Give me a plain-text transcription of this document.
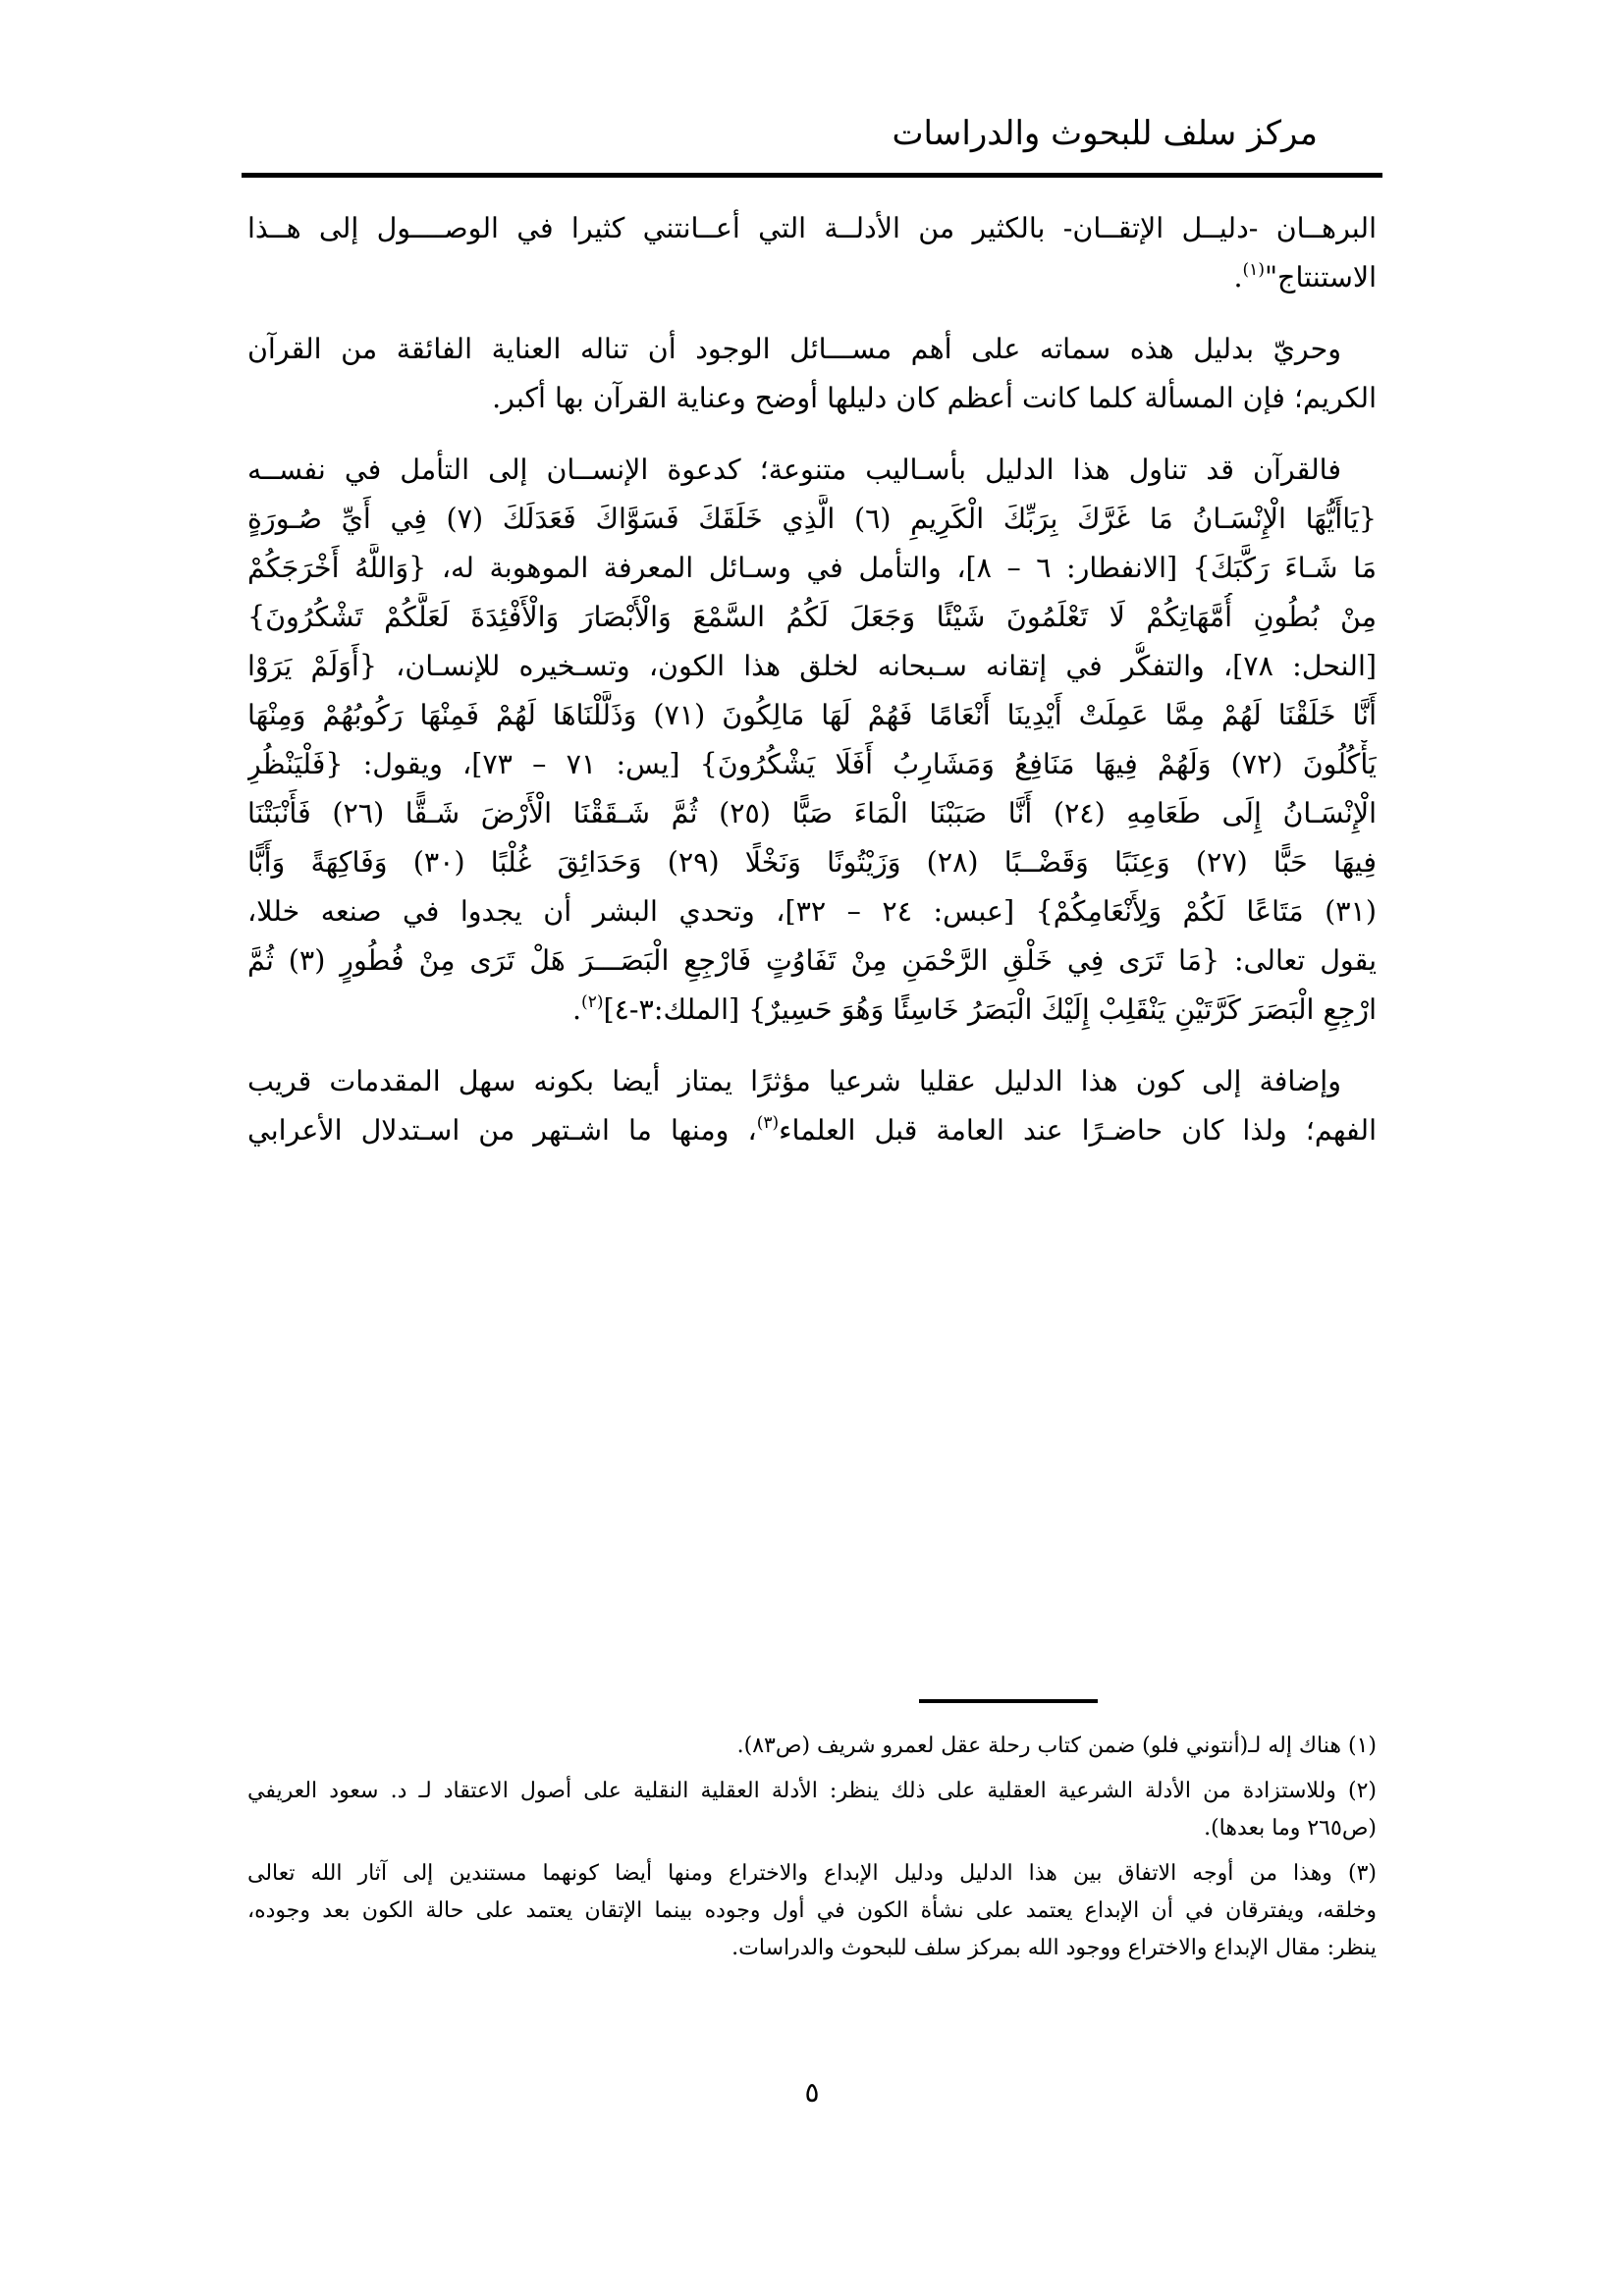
مركز سلف للبحوث والدراسات

البرهــان -دليــل الإتقــان- بالكثير من الأدلــة التي أعــانتني كثيرا في الوصــــول إلى هــذا
الاستنتاج"$^{(١)}$.

وحريّ بدليل هذه سماته على أهم مســـائل الوجود أن تناله العناية الفائقة من القرآن
الكريم؛ فإن المسألة كلما كانت أعظم كان دليلها أوضح وعناية القرآن بها أكبر.

فالقرآن قد تناول هذا الدليل بأسـاليب متنوعة؛ كدعوة الإنســان إلى التأمل في نفســه
{يَاأَيُّهَا الْإِنْسَـانُ مَا غَرَّكَ بِرَبِّكَ الْكَرِيمِ (٦) الَّذِي خَلَقَكَ فَسَوَّاكَ فَعَدَلَكَ (٧) فِي أَيِّ صُـورَةٍ
مَا شَـاءَ رَكَّبَكَ} [الانفطار: ٦ – ٨]، والتأمل في وسـائل المعرفة الموهوبة له، {وَاللَّهُ أَخْرَجَكُمْ
مِنْ بُطُونِ أُمَّهَاتِكُمْ لَا تَعْلَمُونَ شَيْئًا وَجَعَلَ لَكُمُ السَّمْعَ وَالْأَبْصَارَ وَالْأَفْئِدَةَ لَعَلَّكُمْ تَشْكُرُونَ}
[النحل: ٧٨]، والتفكُّر في إتقانه سـبحانه لخلق هذا الكون، وتسـخيره للإنسـان، {أَوَلَمْ يَرَوْا
أَنَّا خَلَقْنَا لَهُمْ مِمَّا عَمِلَتْ أَيْدِينَا أَنْعَامًا فَهُمْ لَهَا مَالِكُونَ (٧١) وَذَلَّلْنَاهَا لَهُمْ فَمِنْهَا رَكُوبُهُمْ وَمِنْهَا
يَأْكُلُونَ (٧٢) وَلَهُمْ فِيهَا مَنَافِعُ وَمَشَارِبُ أَفَلَا يَشْكُرُونَ} [يس: ٧١ – ٧٣]، ويقول: {فَلْيَنْظُرِ
الْإِنْسَـانُ إِلَى طَعَامِهِ (٢٤) أَنَّا صَبَبْنَا الْمَاءَ صَبًّا (٢٥) ثُمَّ شَـقَقْنَا الْأَرْضَ شَـقًّا (٢٦) فَأَنْبَتْنَا
فِيهَا حَبًّا (٢٧) وَعِنَبًا وَقَضْــبًا (٢٨) وَزَيْتُونًا وَنَخْلًا (٢٩) وَحَدَائِقَ غُلْبًا (٣٠) وَفَاكِهَةً وَأَبًّا
(٣١) مَتَاعًا لَكُمْ وَلِأَنْعَامِكُمْ} [عبس: ٢٤ – ٣٢]، وتحدي البشر أن يجدوا في صنعه خللا،
يقول تعالى: {مَا تَرَى فِي خَلْقِ الرَّحْمَنِ مِنْ تَفَاوُتٍ فَارْجِعِ الْبَصَـــرَ هَلْ تَرَى مِنْ فُطُورٍ (٣) ثُمَّ
ارْجِعِ الْبَصَرَ كَرَّتَيْنِ يَنْقَلِبْ إِلَيْكَ الْبَصَرُ خَاسِئًا وَهُوَ حَسِيرٌ} [الملك:٣-٤]$^{(٢)}$.

وإضافة إلى كون هذا الدليل عقليا شرعيا مؤثرًا يمتاز أيضا بكونه سهل المقدمات قريب
الفهم؛ ولذا كان حاضـرًا عند العامة قبل العلماء$^{(٣)}$، ومنها ما اشـتهر من اسـتدلال الأعرابي

(١) هناك إله لـ(أنتوني فلو) ضمن كتاب رحلة عقل لعمرو شريف (ص٨٣).
(٢) وللاستزادة من الأدلة الشرعية العقلية على ذلك ينظر: الأدلة العقلية النقلية على أصول الاعتقاد لـ د. سعود العريفي
(ص٢٦٥ وما بعدها).
(٣) وهذا من أوجه الاتفاق بين هذا الدليل ودليل الإبداع والاختراع ومنها أيضا كونهما مستندين إلى آثار الله تعالى
وخلقه، ويفترقان في أن الإبداع يعتمد على نشأة الكون في أول وجوده بينما الإتقان يعتمد على حالة الكون بعد وجوده،
ينظر: مقال الإبداع والاختراع ووجود الله بمركز سلف للبحوث والدراسات.
٥
